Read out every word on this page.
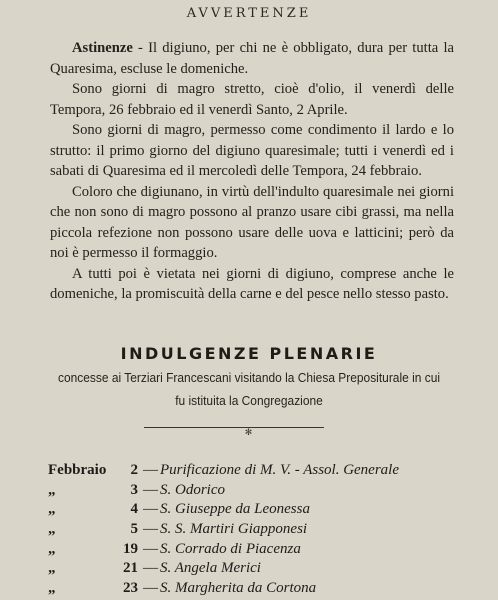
AVVERTENZE

Astinenze - Il digiuno, per chi ne è obbligato, dura per tutta la Quaresima, escluse le domeniche.

Sono giorni di magro stretto, cioè d'olio, il venerdì delle Tempora, 26 febbraio ed il venerdì Santo, 2 Aprile.

Sono giorni di magro, permesso come condimento il lardo e lo strutto: il primo giorno del digiuno quaresimale; tutti i venerdì ed i sabati di Quaresima ed il mercoledì delle Tempora, 24 febbraio.

Coloro che digiunano, in virtù dell'indulto quaresimale nei giorni che non sono di magro possono al pranzo usare cibi grassi, ma nella piccola refezione non possono usare delle uova e latticini; però da noi è permesso il formaggio.

A tutti poi è vietata nei giorni di digiuno, comprese anche le domeniche, la promiscuità della carne e del pesce nello stesso pasto.

INDULGENZE PLENARIE
concesse ai Terziari Francescani visitando la Chiesa Prepositurale in cui
fu istituita la Congregazione
✻
Febbraio 2 — Purificazione di M. V. - Assol. Generale
„	3 — S. Odorico
„	4 — S. Giuseppe da Leonessa
„	5 — S. S. Martiri Giapponesi
„	19 — S. Corrado di Piacenza
„	21 — S. Angela Merici
„	23 — S. Margherita da Cortona
